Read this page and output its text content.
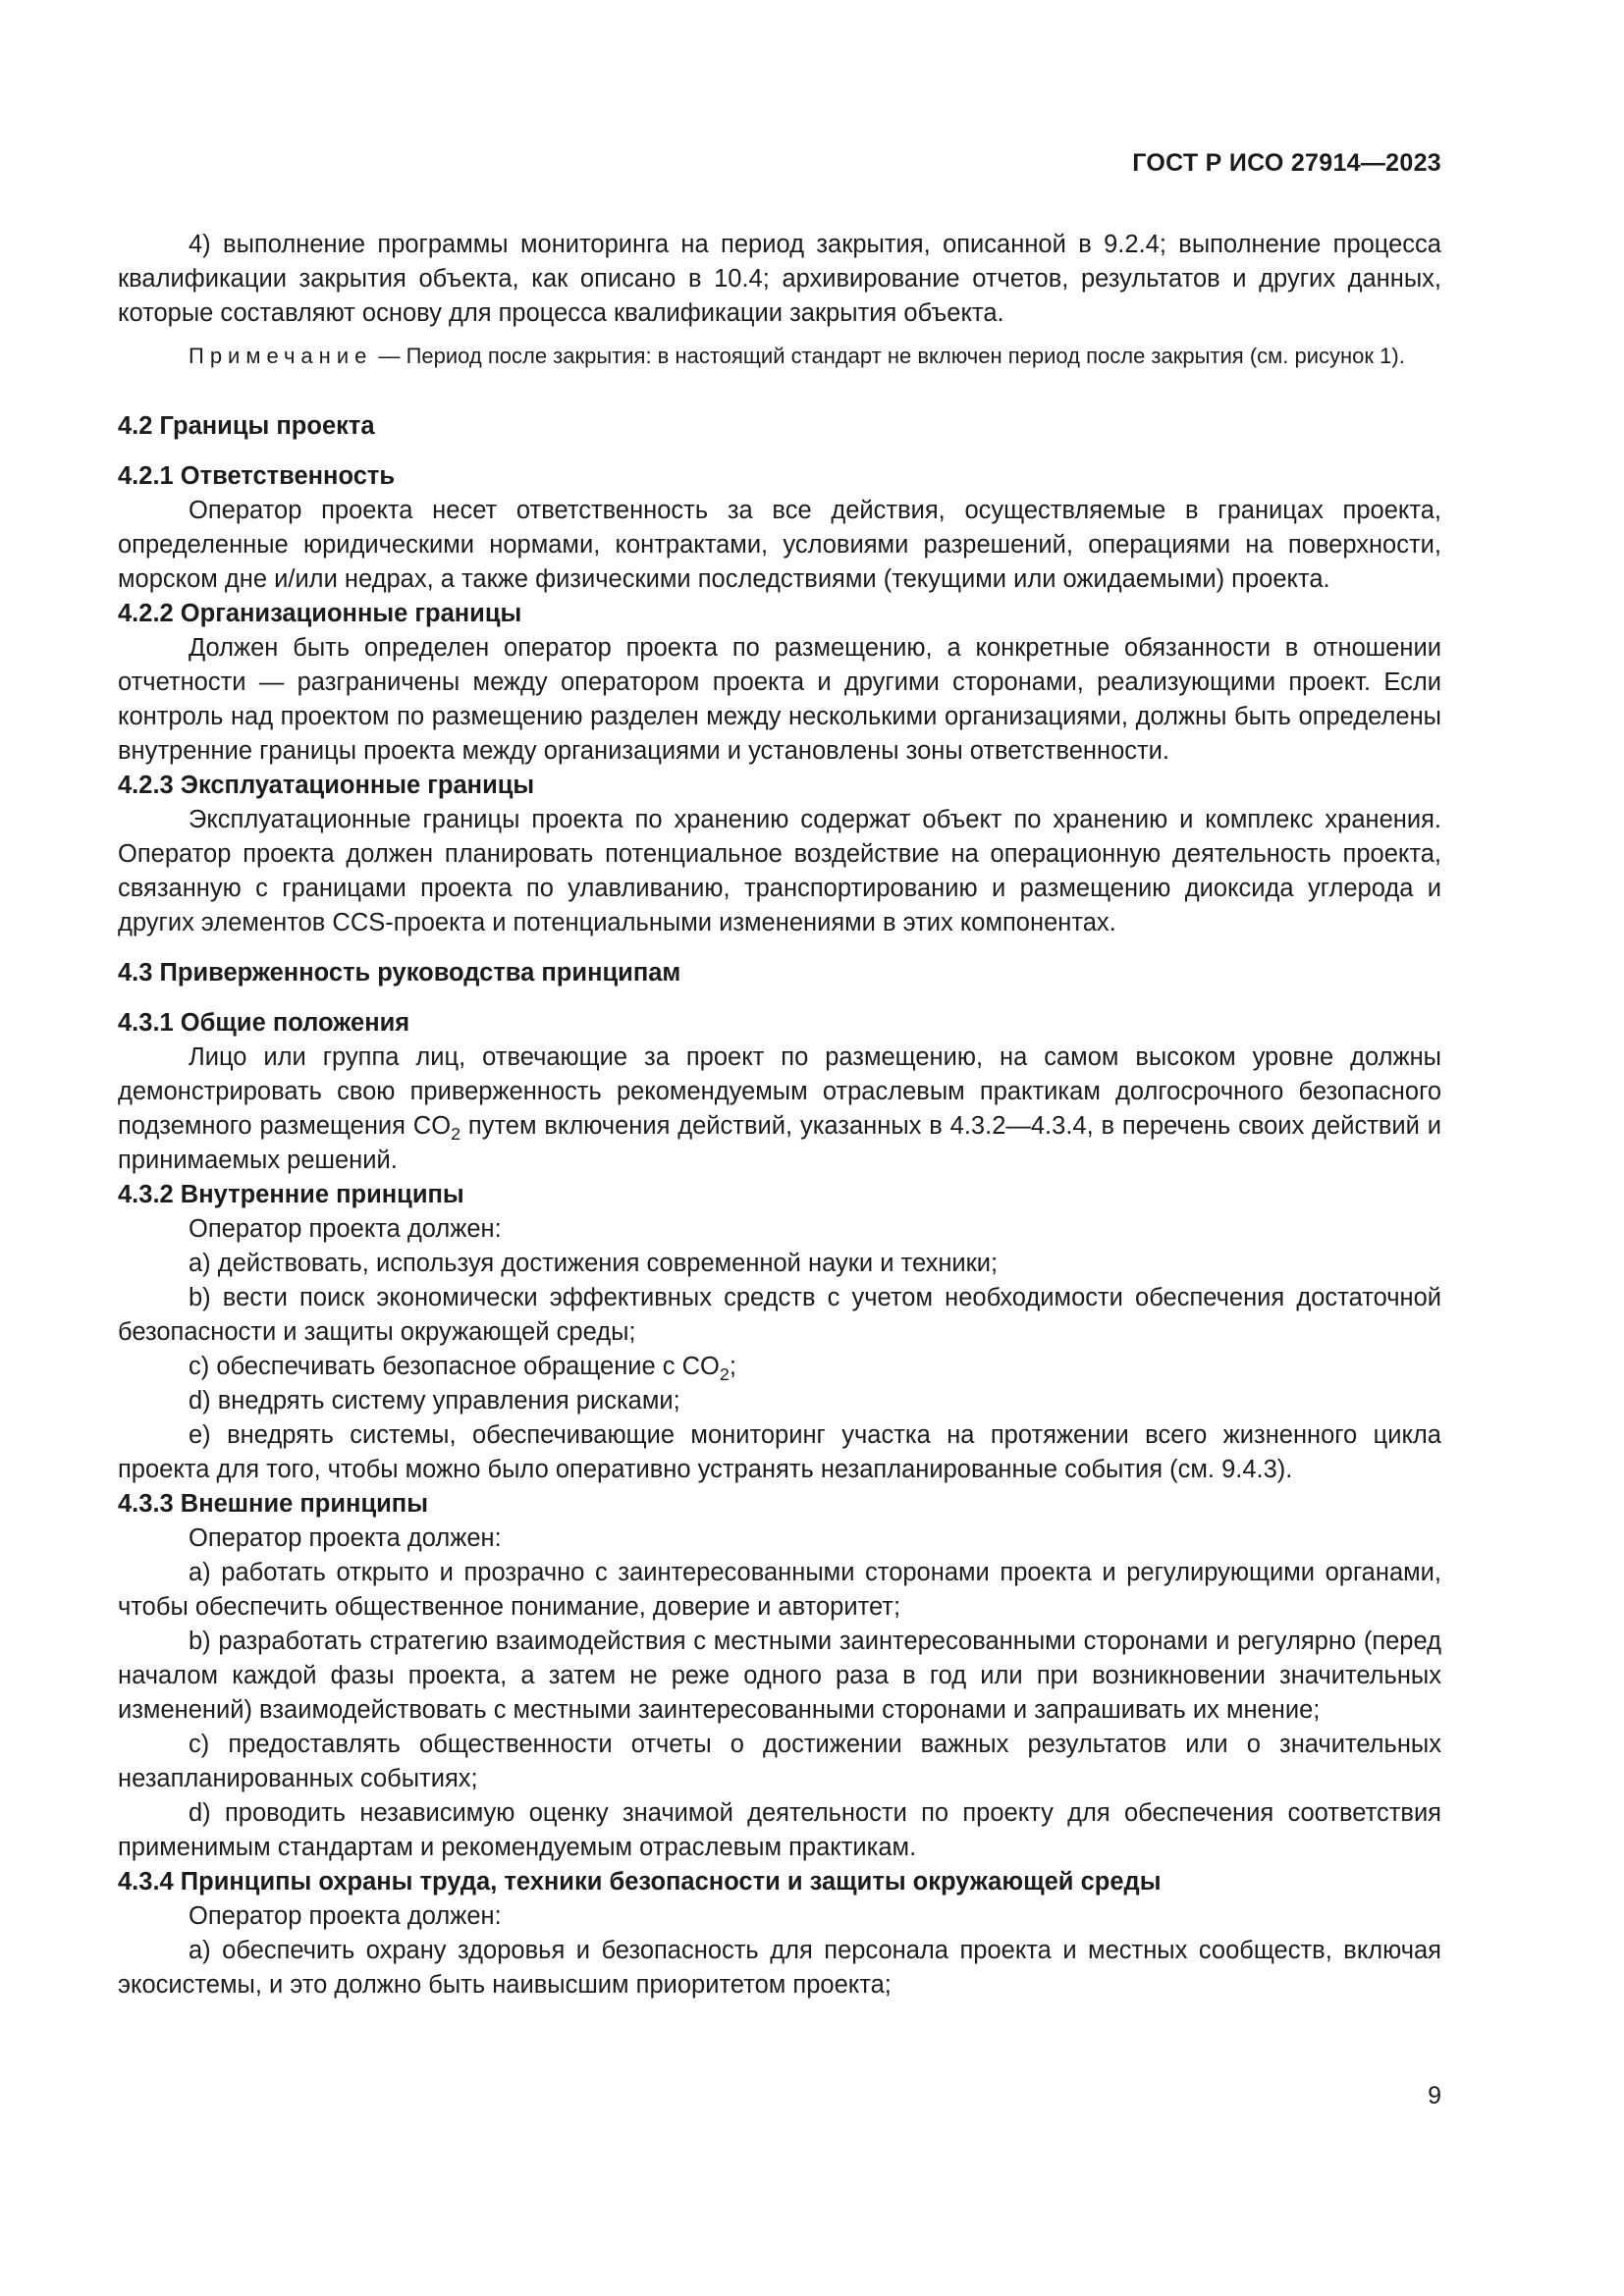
ГОСТ Р ИСО 27914—2023

4) выполнение программы мониторинга на период закрытия, описанной в 9.2.4; выполнение процесса квалификации закрытия объекта, как описано в 10.4; архивирование отчетов, результатов и других данных, которые составляют основу для процесса квалификации закрытия объекта.

Примечание — Период после закрытия: в настоящий стандарт не включен период после закрытия (см. рисунок 1).

4.2 Границы проекта

4.2.1 Ответственность

Оператор проекта несет ответственность за все действия, осуществляемые в границах проекта, определенные юридическими нормами, контрактами, условиями разрешений, операциями на поверхности, морском дне и/или недрах, а также физическими последствиями (текущими или ожидаемыми) проекта.

4.2.2 Организационные границы

Должен быть определен оператор проекта по размещению, а конкретные обязанности в отношении отчетности — разграничены между оператором проекта и другими сторонами, реализующими проект. Если контроль над проектом по размещению разделен между несколькими организациями, должны быть определены внутренние границы проекта между организациями и установлены зоны ответственности.

4.2.3 Эксплуатационные границы

Эксплуатационные границы проекта по хранению содержат объект по хранению и комплекс хранения. Оператор проекта должен планировать потенциальное воздействие на операционную деятельность проекта, связанную с границами проекта по улавливанию, транспортированию и размещению диоксида углерода и других элементов CCS-проекта и потенциальными изменениями в этих компонентах.

4.3 Приверженность руководства принципам

4.3.1 Общие положения

Лицо или группа лиц, отвечающие за проект по размещению, на самом высоком уровне должны демонстрировать свою приверженность рекомендуемым отраслевым практикам долгосрочного безопасного подземного размещения $CO_2$ путем включения действий, указанных в 4.3.2—4.3.4, в перечень своих действий и принимаемых решений.

4.3.2 Внутренние принципы

Оператор проекта должен:

а) действовать, используя достижения современной науки и техники;

b) вести поиск экономически эффективных средств с учетом необходимости обеспечения достаточной безопасности и защиты окружающей среды;

с) обеспечивать безопасное обращение с $CO_2$;

d) внедрять систему управления рисками;

е) внедрять системы, обеспечивающие мониторинг участка на протяжении всего жизненного цикла проекта для того, чтобы можно было оперативно устранять незапланированные события (см. 9.4.3).

4.3.3 Внешние принципы

Оператор проекта должен:

а) работать открыто и прозрачно с заинтересованными сторонами проекта и регулирующими органами, чтобы обеспечить общественное понимание, доверие и авторитет;

b) разработать стратегию взаимодействия с местными заинтересованными сторонами и регулярно (перед началом каждой фазы проекта, а затем не реже одного раза в год или при возникновении значительных изменений) взаимодействовать с местными заинтересованными сторонами и запрашивать их мнение;

с) предоставлять общественности отчеты о достижении важных результатов или о значительных незапланированных событиях;

d) проводить независимую оценку значимой деятельности по проекту для обеспечения соответствия применимым стандартам и рекомендуемым отраслевым практикам.

4.3.4 Принципы охраны труда, техники безопасности и защиты окружающей среды

Оператор проекта должен:

а) обеспечить охрану здоровья и безопасность для персонала проекта и местных сообществ, включая экосистемы, и это должно быть наивысшим приоритетом проекта;

9
